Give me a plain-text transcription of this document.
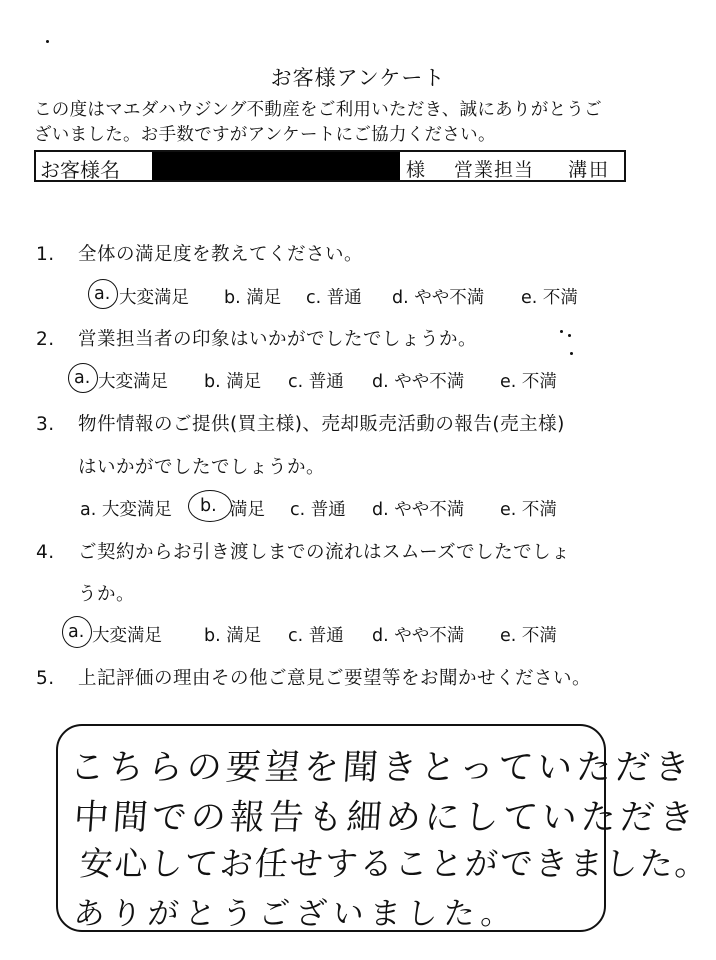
お客様アンケート
この度はマエダハウジング不動産をご利用いただき、誠にありがとうご
ざいました。お手数ですがアンケートにご協力ください。
お客様名	様 営業担当 溝田
1. 全体の満足度を教えてください。
a. 大変満足 b. 満足 c. 普通 d. やや不満 e. 不満
2. 営業担当者の印象はいかがでしたでしょうか。
a. 大変満足 b. 満足 c. 普通 d. やや不満 e. 不満
3. 物件情報のご提供(買主様)、売却販売活動の報告(売主様)
はいかがでしたでしょうか。
a. 大変満足 b. 満足 c. 普通 d. やや不満 e. 不満
4. ご契約からお引き渡しまでの流れはスムーズでしたでしょ
うか。
a. 大変満足 b. 満足 c. 普通 d. やや不満 e. 不満
5. 上記評価の理由その他ご意見ご要望等をお聞かせください。
こちらの要望を聞きとっていただき
中間での報告も細めにしていただき
安心してお任せすることができました。
ありがとうございました。
